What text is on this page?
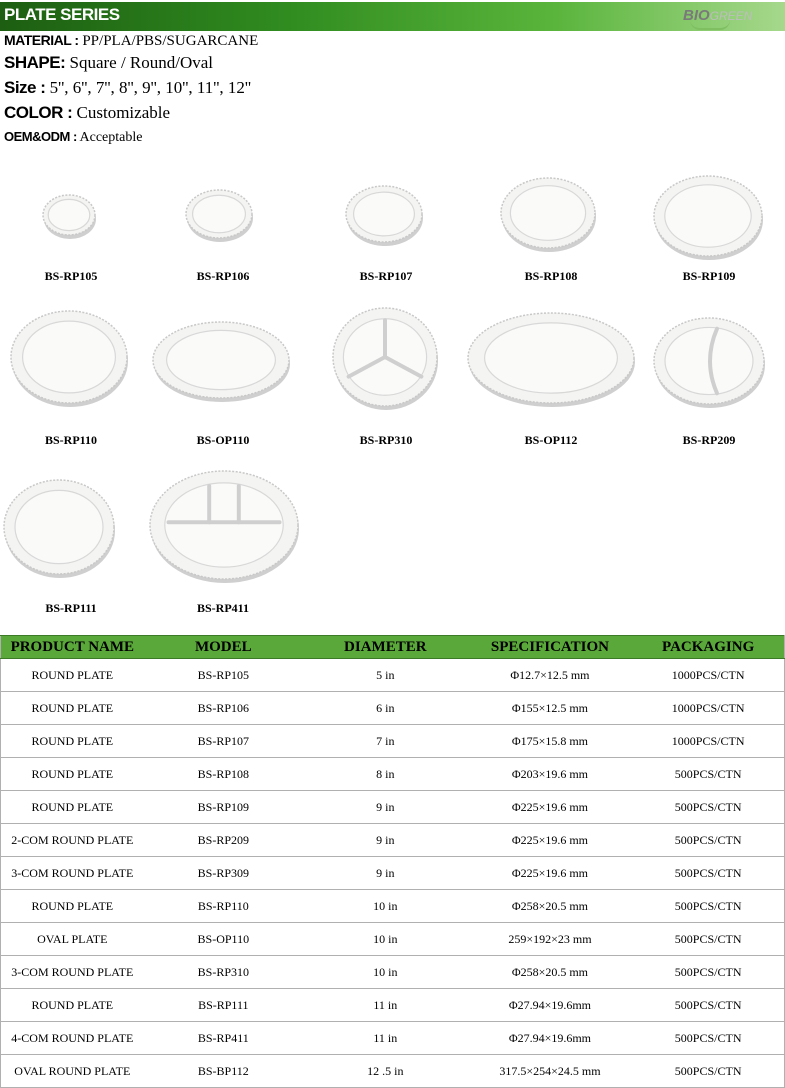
PLATE SERIES	BIOGREEN
MATERIAL : PP/PLA/PBS/SUGARCANE
SHAPE: Square / Round/Oval
Size : 5'', 6'', 7'', 8'', 9'', 10'', 11'', 12''
COLOR : Customizable
OEM&ODM : Acceptable
BS-RP105	BS-RP106	BS-RP107	BS-RP108	BS-RP109
BS-RP110	BS-OP110	BS-RP310	BS-OP112	BS-RP209
BS-RP111	BS-RP411
PRODUCT NAME	MODEL	DIAMETER	SPECIFICATION	PACKAGING
ROUND PLATE	BS-RP105	5 in	Φ12.7×12.5 mm	1000PCS/CTN
ROUND PLATE	BS-RP106	6 in	Φ155×12.5 mm	1000PCS/CTN
ROUND PLATE	BS-RP107	7 in	Φ175×15.8 mm	1000PCS/CTN
ROUND PLATE	BS-RP108	8 in	Φ203×19.6 mm	500PCS/CTN
ROUND PLATE	BS-RP109	9 in	Φ225×19.6 mm	500PCS/CTN
2-COM ROUND PLATE	BS-RP209	9 in	Φ225×19.6 mm	500PCS/CTN
3-COM ROUND PLATE	BS-RP309	9 in	Φ225×19.6 mm	500PCS/CTN
ROUND PLATE	BS-RP110	10 in	Φ258×20.5 mm	500PCS/CTN
OVAL PLATE	BS-OP110	10 in	259×192×23 mm	500PCS/CTN
3-COM ROUND PLATE	BS-RP310	10 in	Φ258×20.5 mm	500PCS/CTN
ROUND PLATE	BS-RP111	11 in	Φ27.94×19.6mm	500PCS/CTN
4-COM ROUND PLATE	BS-RP411	11 in	Φ27.94×19.6mm	500PCS/CTN
OVAL ROUND PLATE	BS-BP112	12 .5 in	317.5×254×24.5 mm	500PCS/CTN
